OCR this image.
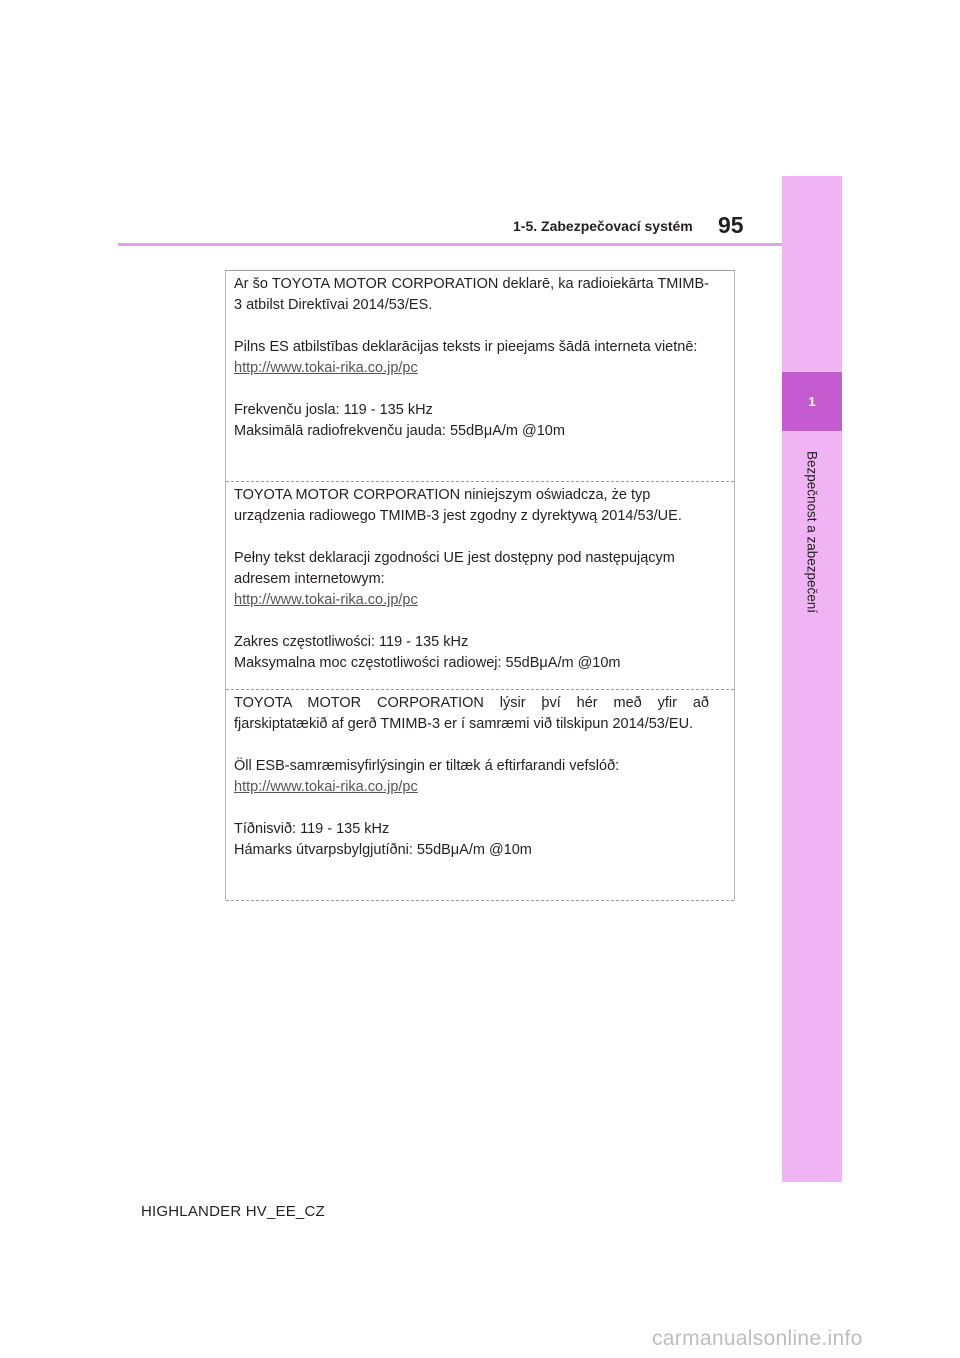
1-5. Zabezpečovací systém 95
1
Bezpečnost a zabezpečení

Ar šo TOYOTA MOTOR CORPORATION deklarē, ka radioiekārta TMIMB-3 atbilst Direktīvai 2014/53/ES.

Pilns ES atbilstības deklarācijas teksts ir pieejams šādā interneta vietnē:

http://www.tokai-rika.co.jp/pc

Frekvenču josla: 119 - 135 kHz

Maksimālā radiofrekvenču jauda: 55dBμA/m @10m

TOYOTA MOTOR CORPORATION niniejszym oświadcza, że typ urządzenia radiowego TMIMB-3 jest zgodny z dyrektywą 2014/53/UE.

Pełny tekst deklaracji zgodności UE jest dostępny pod następującym adresem internetowym:

http://www.tokai-rika.co.jp/pc

Zakres częstotliwości: 119 - 135 kHz

Maksymalna moc częstotliwości radiowej: 55dBμA/m @10m

TOYOTA MOTOR CORPORATION lýsir því hér með yfir að fjarskiptatækið af gerð TMIMB-3 er í samræmi við tilskipun 2014/53/EU.

Öll ESB-samræmisyfirlýsingin er tiltæk á eftirfarandi vefslóð:

http://www.tokai-rika.co.jp/pc

Tíðnisvið: 119 - 135 kHz

Hámarks útvarpsbylgjutíðni: 55dBμA/m @10m

HIGHLANDER HV_EE_CZ
carmanualsonline.info
